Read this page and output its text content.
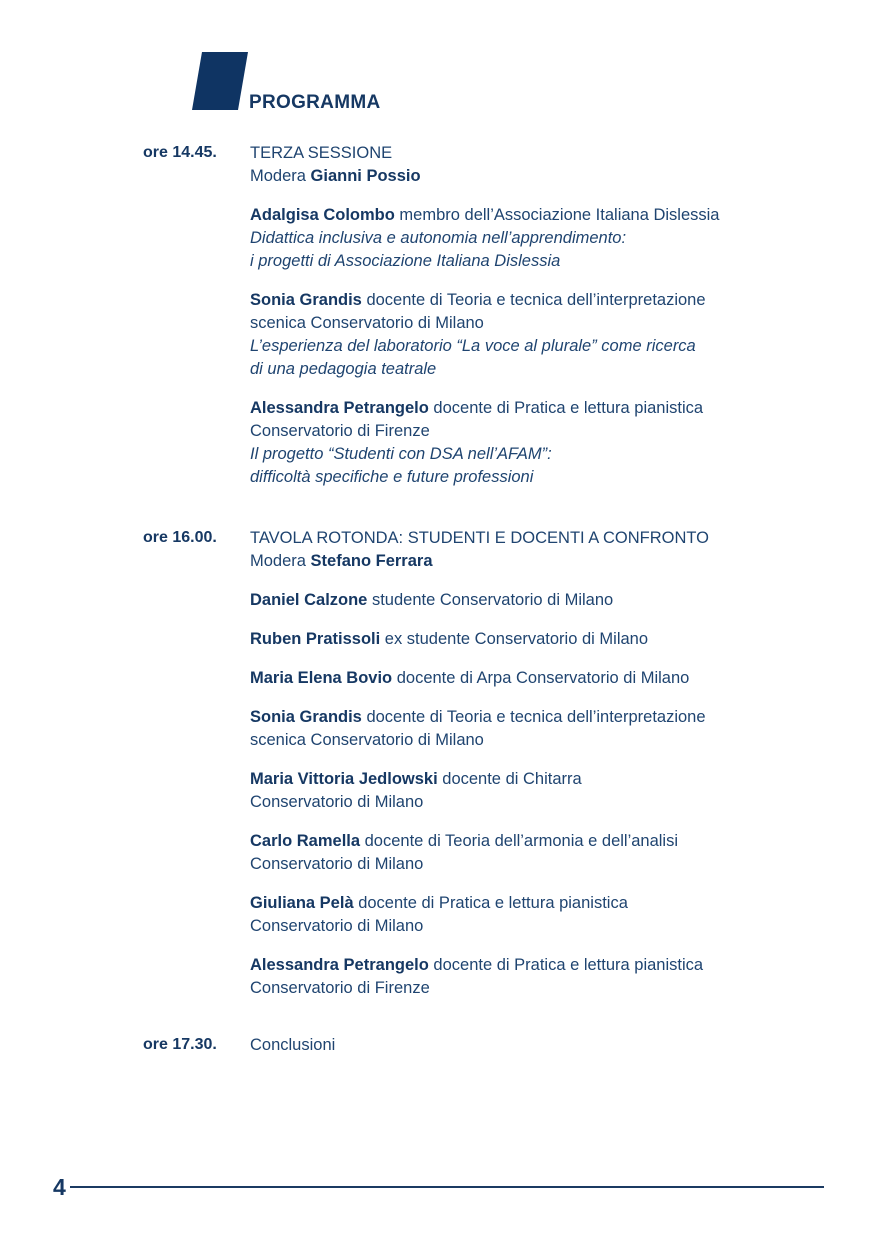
PROGRAMMA
ore 14.45.	TERZA SESSIONE
Modera Gianni Possio
Adalgisa Colombo membro dell’Associazione Italiana Dislessia
Didattica inclusiva e autonomia nell’apprendimento:
i progetti di Associazione Italiana Dislessia
Sonia Grandis docente di Teoria e tecnica dell’interpretazione
scenica Conservatorio di Milano
L’esperienza del laboratorio “La voce al plurale” come ricerca
di una pedagogia teatrale
Alessandra Petrangelo docente di Pratica e lettura pianistica
Conservatorio di Firenze
Il progetto “Studenti con DSA nell’AFAM”:
difficoltà specifiche e future professioni
ore 16.00.	TAVOLA ROTONDA: STUDENTI E DOCENTI A CONFRONTO
Modera Stefano Ferrara
Daniel Calzone studente Conservatorio di Milano
Ruben Pratissoli ex studente Conservatorio di Milano
Maria Elena Bovio docente di Arpa Conservatorio di Milano
Sonia Grandis docente di Teoria e tecnica dell’interpretazione
scenica Conservatorio di Milano
Maria Vittoria Jedlowski docente di Chitarra
Conservatorio di Milano
Carlo Ramella docente di Teoria dell’armonia e dell’analisi
Conservatorio di Milano
Giuliana Pelà docente di Pratica e lettura pianistica
Conservatorio di Milano
Alessandra Petrangelo docente di Pratica e lettura pianistica
Conservatorio di Firenze
ore 17.30.	Conclusioni
4
